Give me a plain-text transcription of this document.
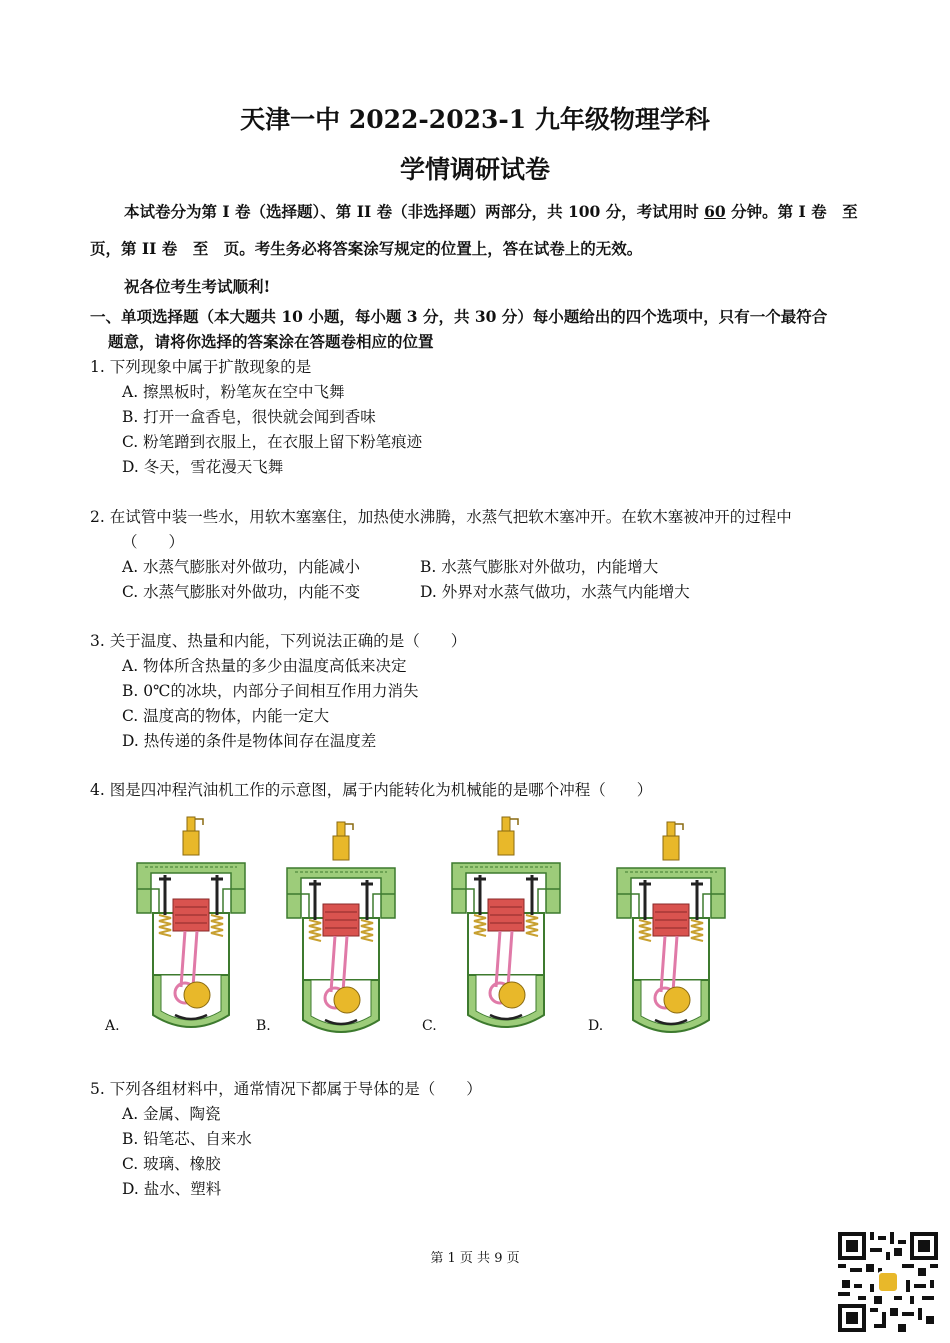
天津一中 2022-2023-1 九年级物理学科
学情调研试卷
本试卷分为第 I 卷（选择题）、第 II 卷（非选择题）两部分，共 100 分，考试用时 60 分钟。第 I 卷　至
页，第 II 卷　至　页。考生务必将答案涂写规定的位置上，答在试卷上的无效。
祝各位考生考试顺利!
一、单项选择题（本大题共 10 小题，每小题 3 分，共 30 分）每小题给出的四个选项中，只有一个最符合
题意，请将你选择的答案涂在答题卷相应的位置
1. 下列现象中属于扩散现象的是
A. 擦黑板时，粉笔灰在空中飞舞
B. 打开一盒香皂，很快就会闻到香味
C. 粉笔蹭到衣服上，在衣服上留下粉笔痕迹
D. 冬天，雪花漫天飞舞
2. 在试管中装一些水，用软木塞塞住，加热使水沸腾，水蒸气把软木塞冲开。在软木塞被冲开的过程中
（　　）
A. 水蒸气膨胀对外做功，内能减小	B. 水蒸气膨胀对外做功，内能增大
C. 水蒸气膨胀对外做功，内能不变	D. 外界对水蒸气做功，水蒸气内能增大
3. 关于温度、热量和内能，下列说法正确的是（　　）
A. 物体所含热量的多少由温度高低来决定
B. 0℃的冰块，内部分子间相互作用力消失
C. 温度高的物体，内能一定大
D. 热传递的条件是物体间存在温度差
4. 图是四冲程汽油机工作的示意图，属于内能转化为机械能的是哪个冲程（　　）
A.	B.	C.	D.
5. 下列各组材料中，通常情况下都属于导体的是（　　）
A. 金属、陶瓷
B. 铅笔芯、自来水
C. 玻璃、橡胶
D. 盐水、塑料
第 1 页 共 9 页
